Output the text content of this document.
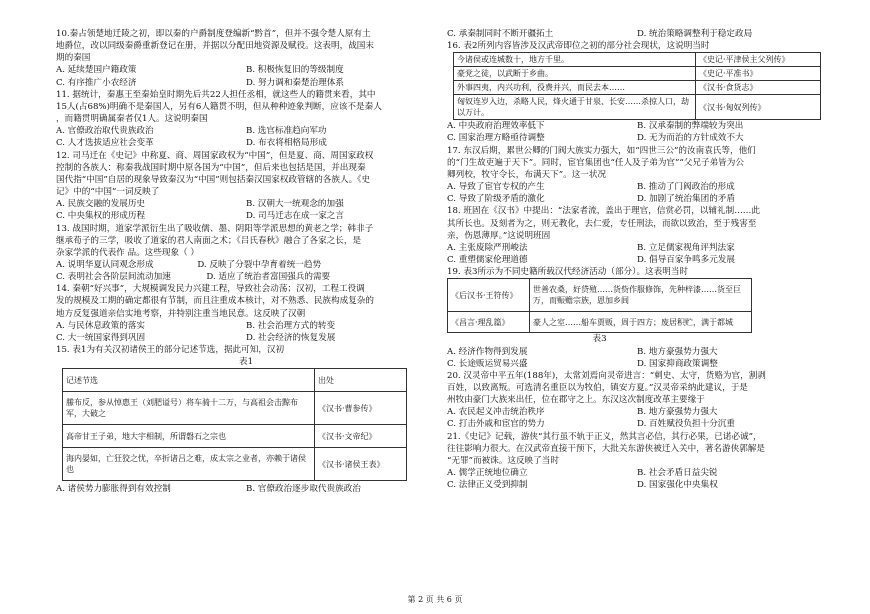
10.秦占领楚地迁陵之初，即以秦的户爵制度登编新“黔首”，但并不强令楚人原有土
地爵位，改以同级秦爵重新登记在册，并据以分配田地资源及赋役。这表明，战国末
期的秦国
A. 延续楚国户籍政策	B. 积极恢复旧的等级制度
C. 有序推广小农经济	D. 努力调和秦楚治理体系
11. 据统计，秦惠王至秦始皇时期先后共22人担任丞相，就这些人的籍贯来看，其中
15人(占68%)明确不是秦国人，另有6人籍贯不明，但从种种迹象判断，应该不是秦人
，而籍贯明确属秦者仅1人。这说明秦国
A. 官僚政治取代贵族政治	B. 选官标准趋向军功
C. 人才选拔适应社会变革	D. 布衣将相格局形成
12. 司马迁在《史记》中称夏、商、周国家政权为“中国”，但是夏、商、周国家政权
控制的各族人：称秦我战国时期中原各国为“中国”，但后来也包括是国，并出现秦
国代指“中国”自居的现象导致秦汉为“中国”则包括秦汉国家权政管辖的各族人。《史
记》中的“中国”一词反映了
A. 民族交融的发展历史	B. 汉朝大一统观念的加强
C. 中央集权的形成历程	D. 司马迁志在成一家之言
13. 战国时期，道家学派衍生出了吸收儒、墨、阴阳等学派思想的黄老之学；韩非子
继承荀子的三学，吸收了道家的君人南面之术；《吕氏春秋》融合了各家之长，是
杂家学派的代表作 品。这些现象（ ）
A. 说明华夏认同观念形成                D. 反映了分裂中孕育着统一趋势
C. 表明社会各阶层间流动加速             D. 适应了统治者富国强兵的需要
14. 秦朝“好兴事”，大规模调发民力兴建工程，导致社会动荡；汉初，工程工役调
发的规模及工期的确定都很有节制，而且注重成本核计，对不熟悉、民族构成复杂的
地方反复强道亲信实地考察，并特别注重当地民意。这反映了汉朝
A. 与民休息政策的落实	B. 社会治理方式的转变
C. 大一统国家得到巩固	D. 社会经济的恢复发展
15. 表1为有关汉初诸侯王的部分记述节选，据此可知，汉初
表1
记述节选	出处
縢布反，参从悼惠王（刘肥谥号）将车骑十二万，与高祖会击黥布军，大破之	《汉书·曹参传》
高帝甘王子弟，地大宇相制，所谓磐石之宗也	《汉书·文帝纪》
海内晏如，亡狂狡之忧，卒折诸吕之难，成太宗之业者，亦赖于诸侯也	《汉书·诸侯王表》
A. 诸侯势力膨胀得到有效控制	B. 官僚政治逐步取代贵族政治
C. 承秦制同时不断开疆拓土	D. 统治策略调整利于稳定政局
16. 表2所列内容皆涉及汉武帝即位之初的部分社会现状，这说明当时
今诸侯或连城数十，地方千里。	《史记·平津侯主父列传》
豪党之徒，以武断于乡曲。	《史记·平准书》
外事四夷，内兴功利，役费并兴，而民去本……	《汉书·食货志》
匈奴连岁入边，杀略人民，烽火通于甘泉、长安……杀掠人口，劫以万计。	《汉书·匈奴列传》
A. 中央政府治理效率低下	B. 汉承秦制的弊端较为突出
C. 国家治理方略亟待调整	D. 无为而治的方针成效不大
17. 东汉后期，累世公卿的门阀大族实力强大，如“四世三公”的汝南袁氏等，他们
的“门生故吏遍于天下”。同时，宦官集团也“任人及子弟为官”“父兄子弟皆为公
卿列校，牧守令长，布满天下”。这一状况
A. 导致了宦官专权的产生	B. 推动了门阀政治的形成
C. 导致了阶级矛盾的激化	D. 加剧了统治集团的矛盾
18. 班固在《汉书》中提出：“法家者流，盖出于理官，信赏必罚，以辅礼制……此
其所长也。及刻者为之，则无教化，去仁爱，专任刑法，而欲以致治，至于残害至
亲，伤恩薄厚。”这说明班固
A. 主张废除严刑峻法	B. 立足儒家视角评判法家
C. 重塑儒家伦理道德	D. 倡导百家争鸣多元发展
19. 表3所示为不同史籍所载汉代经济活动（部分）。这表明当时
《后汉书·王符传》	世善农桑，好贷殖……货赀作服修饰，先种梓漆……货至巨万，而赈赡宗族，恩加乡闾
《昌言·理乱篇》	豪人之室……船车贾贩，周于四方；废居积贮，满于都城
表3
A. 经济作物得到发展	B. 地方豪强势力强大
C. 长途贩运贸易兴盛	D. 国家抑商政策调整
20. 汉灵帝中平五年(188年)，太常刘焉向灵帝进言：“刺史、太守，货赂为官，割剥
百姓，以致离叛。可选清名重臣以为牧伯，镇安方夏。”汉灵帝采纳此建议，于是
州牧由豪门大族来出任，位在郡守之上。东汉这次制度改革主要缘于
A. 农民起义冲击统治秩序	B. 地方豪强势力强大
C. 打击外戚和宦官的势力	D. 百姓赋役负担十分沉重
21.《史记》记载，游侠“其行虽不轨于正义，然其言必信，其行必果，已诺必诚”，
往往影响力很大。在汉武帝直接干预下，大批关东游侠被迁入关中，著名游侠郭解是
“无罪”而被诛。这反映了当时
A. 儒学正统地位确立	B. 社会矛盾日益尖锐
C. 法律正义受到抑制	D. 国家强化中央集权
第 2 页 共 6 页
